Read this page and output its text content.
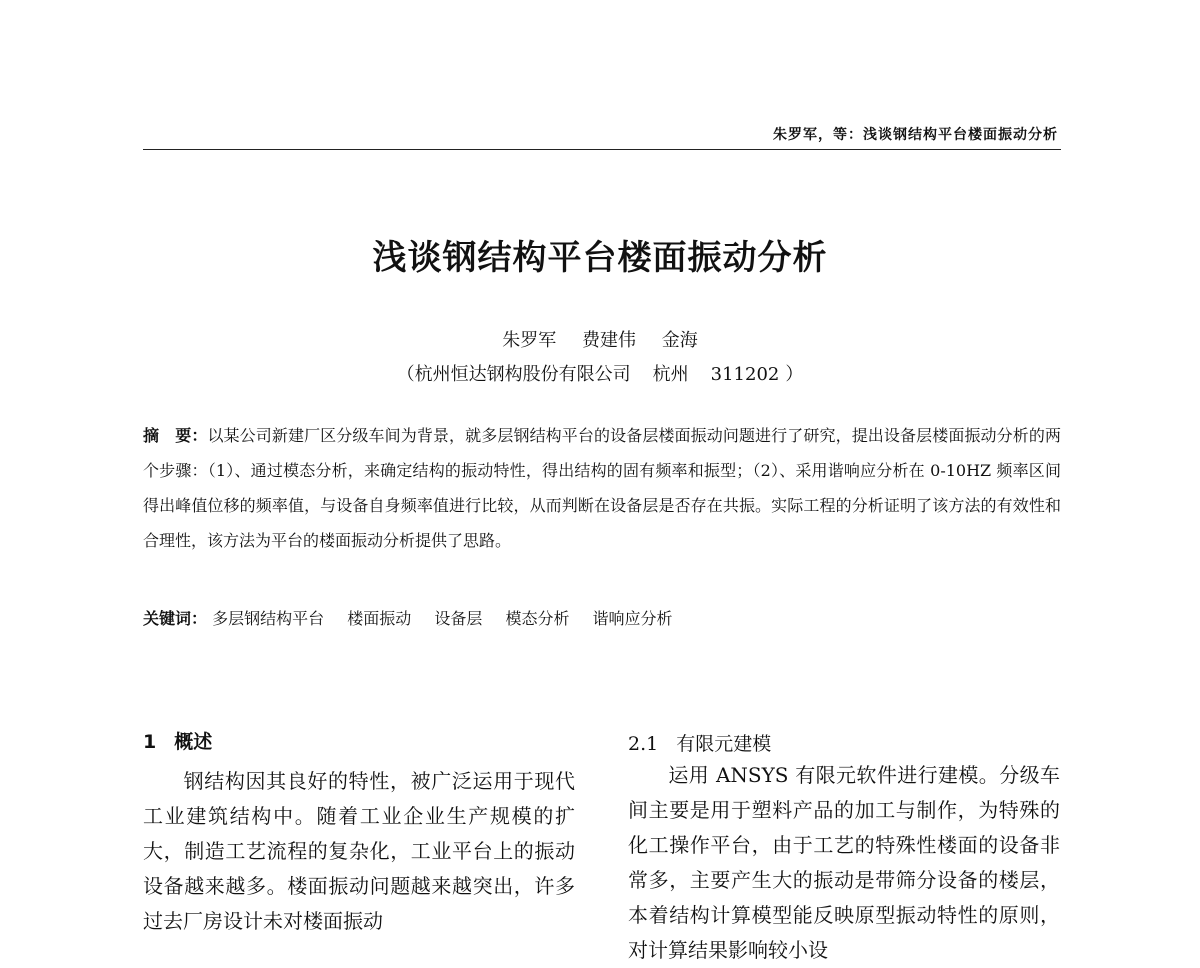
朱罗军，等：浅谈钢结构平台楼面振动分析
浅谈钢结构平台楼面振动分析
朱罗军 费建伟 金海
（杭州恒达钢构股份有限公司 杭州 311202 ）
摘　要：以某公司新建厂区分级车间为背景，就多层钢结构平台的设备层楼面振动问题进行了研究，提出设备层楼面振动分析的两个步骤：（1）、通过模态分析，来确定结构的振动特性，得出结构的固有频率和振型；（2）、采用谐响应分析在 0-10HZ 频率区间得出峰值位移的频率值，与设备自身频率值进行比较，从而判断在设备层是否存在共振。实际工程的分析证明了该方法的有效性和合理性，该方法为平台的楼面振动分析提供了思路。
关键词： 多层钢结构平台 楼面振动 设备层 模态分析 谐响应分析
1 概述

钢结构因其良好的特性，被广泛运用于现代工业建筑结构中。随着工业企业生产规模的扩大，制造工艺流程的复杂化，工业平台上的振动设备越来越多。楼面振动问题越来越突出，许多过去厂房设计未对楼面振动

2.1 有限元建模

运用 ANSYS 有限元软件进行建模。分级车间主要是用于塑料产品的加工与制作，为特殊的化工操作平台，由于工艺的特殊性楼面的设备非常多，主要产生大的振动是带筛分设备的楼层，本着结构计算模型能反映原型振动特性的原则，对计算结果影响较小设
